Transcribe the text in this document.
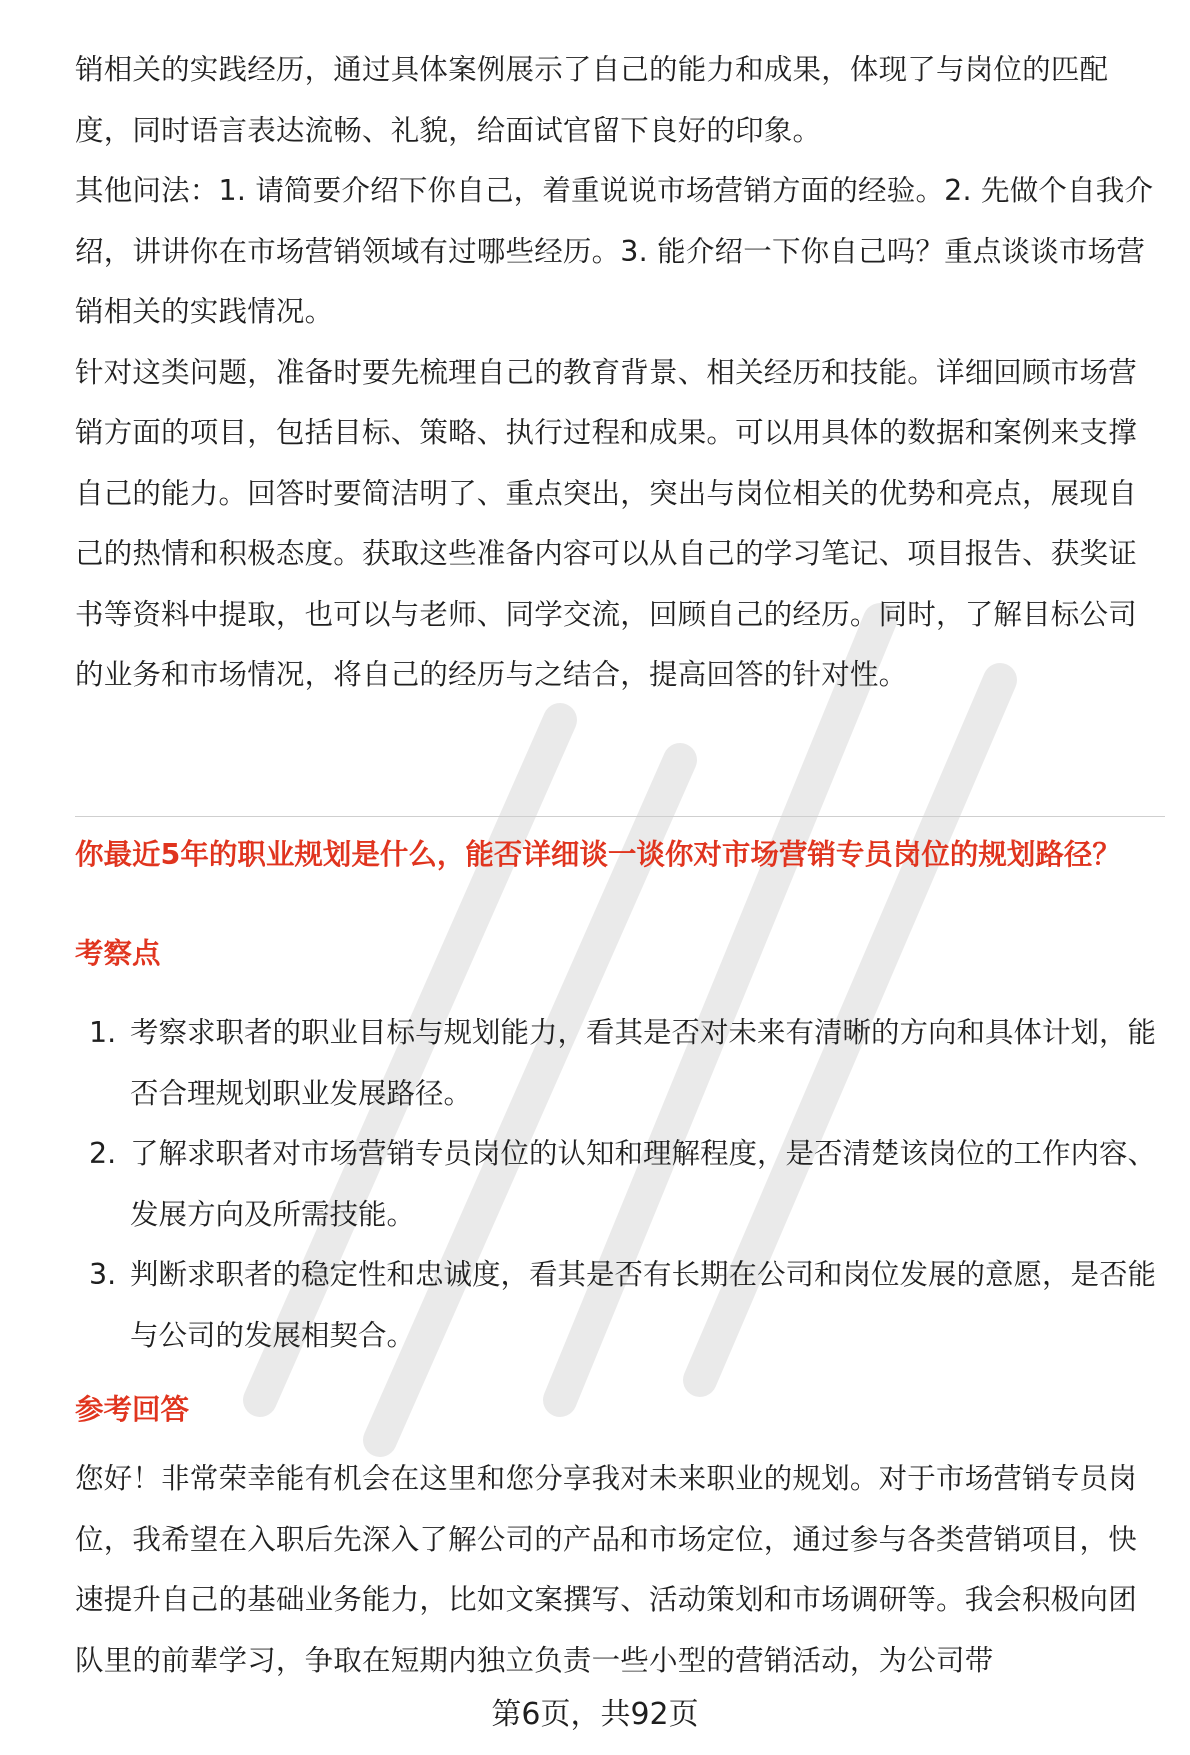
销相关的实践经历，通过具体案例展示了自己的能力和成果，体现了与岗位的匹配度，同时语言表达流畅、礼貌，给面试官留下良好的印象。

其他问法：1. 请简要介绍下你自己，着重说说市场营销方面的经验。2. 先做个自我介绍，讲讲你在市场营销领域有过哪些经历。3. 能介绍一下你自己吗？重点谈谈市场营销相关的实践情况。

针对这类问题，准备时要先梳理自己的教育背景、相关经历和技能。详细回顾市场营销方面的项目，包括目标、策略、执行过程和成果。可以用具体的数据和案例来支撑自己的能力。回答时要简洁明了、重点突出，突出与岗位相关的优势和亮点，展现自己的热情和积极态度。获取这些准备内容可以从自己的学习笔记、项目报告、获奖证书等资料中提取，也可以与老师、同学交流，回顾自己的经历。同时，了解目标公司的业务和市场情况，将自己的经历与之结合，提高回答的针对性。

你最近5年的职业规划是什么，能否详细谈一谈你对市场营销专员岗位的规划路径？
考察点
1. 考察求职者的职业目标与规划能力，看其是否对未来有清晰的方向和具体计划，能否合理规划职业发展路径。
2. 了解求职者对市场营销专员岗位的认知和理解程度，是否清楚该岗位的工作内容、发展方向及所需技能。
3. 判断求职者的稳定性和忠诚度，看其是否有长期在公司和岗位发展的意愿，是否能与公司的发展相契合。
参考回答

您好！非常荣幸能有机会在这里和您分享我对未来职业的规划。对于市场营销专员岗位，我希望在入职后先深入了解公司的产品和市场定位，通过参与各类营销项目，快速提升自己的基础业务能力，比如文案撰写、活动策划和市场调研等。我会积极向团队里的前辈学习，争取在短期内独立负责一些小型的营销活动，为公司带

第6页，共92页
